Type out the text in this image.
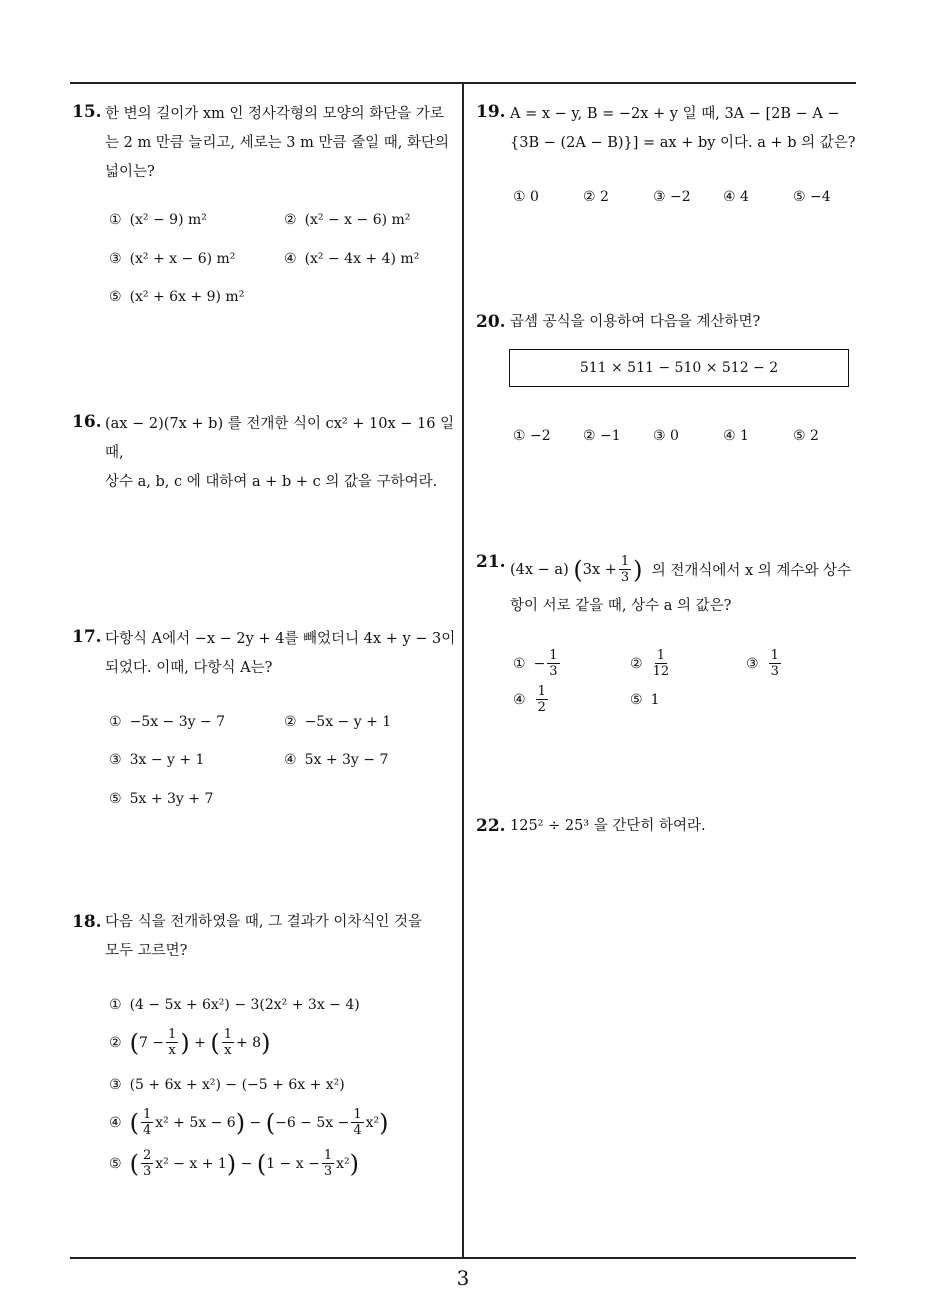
15. 한 변의 길이가 xm 인 정사각형의 모양의 화단을 가로
는 2 m 만큼 늘리고, 세로는 3 m 만큼 줄일 때, 화단의
넓이는?
① (x² − 9) m²	② (x² − x − 6) m²
③ (x² + x − 6) m²	④ (x² − 4x + 4) m²
⑤ (x² + 6x + 9) m²
16. (ax − 2)(7x + b) 를 전개한 식이 cx² + 10x − 16 일 때,
상수 a, b, c 에 대하여 a + b + c 의 값을 구하여라.
17. 다항식 A에서 −x − 2y + 4를 빼었더니 4x + y − 3이
되었다. 이때, 다항식 A는?
① −5x − 3y − 7	② −5x − y + 1
③ 3x − y + 1	④ 5x + 3y − 7
⑤ 5x + 3y + 7
18. 다음 식을 전개하였을 때, 그 결과가 이차식인 것을
모두 고르면?
① (4 − 5x + 6x²) − 3(2x² + 3x − 4)
② ( $7 - \frac{1}{x}$ )
+
( $\frac{1}{x} + 8$ )
③ (5 + 6x + x²) − (−5 + 6x + x²)
④ ( $\frac{1}{4} x^2 + 5x - 6$ )
−
( $-6 - 5x - \frac{1}{4} x^2$ )
⑤ ( $\frac{2}{3} x^2 - x + 1$ )
−
( $1 - x - \frac{1}{3} x^2$ )
19. A = x − y, B = −2x + y 일 때, 3A − [2B − A −
{3B − (2A − B)}] = ax + by 이다. a + b 의 값은?
① 0	② 2	③ −2 ④ 4	⑤ −4
20. 곱셈 공식을 이용하여 다음을 계산하면?
511 × 511 − 510 × 512 − 2
① −2 ② −1 ③ 0	④ 1	⑤ 2
21. (4x − a)
( $3x + \frac{1}{3}$ )
의 전개식에서 x 의 계수와 상수
항이 서로 같을 때, 상수 a 의 값은?
① − $\frac{1}{3}$	② $\frac{1}{12}$	③ $\frac{1}{3}$
④ $\frac{1}{2}$	⑤ 1
22. 125² ÷ 25³ 을 간단히 하여라.
3
